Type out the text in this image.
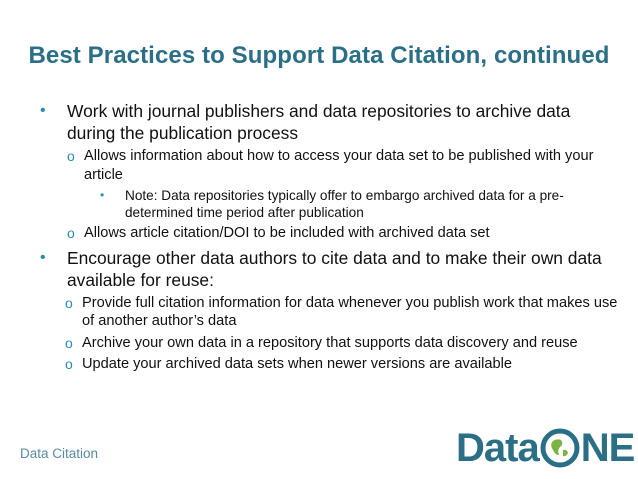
Best Practices to Support Data Citation, continued
• Work with journal publishers and data repositories to archive data during the publication process
o Allows information about how to access your data set to be published with your article
• Note: Data repositories typically offer to embargo archived data for a pre-determined time period after publication
o Allows article citation/DOI to be included with archived data set
• Encourage other data authors to cite data and to make their own data available for reuse:
o Provide full citation information for data whenever you publish work that makes use of another author’s data
o Archive your own data in a repository that supports data discovery and reuse
o Update your archived data sets when newer versions are available
Data Citation	Data NE
